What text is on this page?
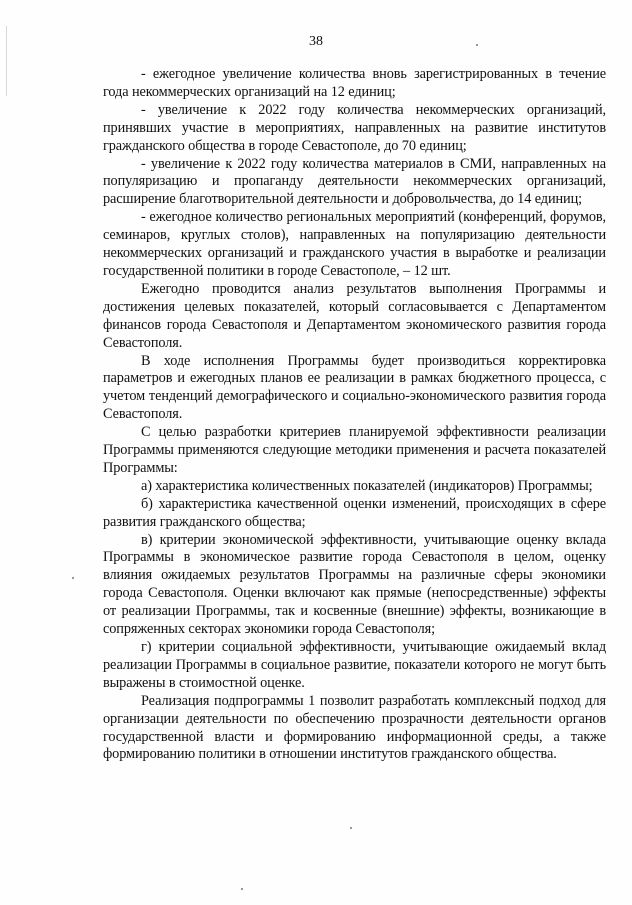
38

- ежегодное увеличение количества вновь зарегистрированных в течение года некоммерческих организаций на 12 единиц;

- увеличение к 2022 году количества некоммерческих организаций, принявших участие в мероприятиях, направленных на развитие институтов гражданского общества в городе Севастополе, до 70 единиц;

- увеличение к 2022 году количества материалов в СМИ, направленных на популяризацию и пропаганду деятельности некоммерческих организаций, расширение благотворительной деятельности и добровольчества, до 14 единиц;

- ежегодное количество региональных мероприятий (конференций, форумов, семинаров, круглых столов), направленных на популяризацию деятельности некоммерческих организаций и гражданского участия в выработке и реализации государственной политики в городе Севастополе, – 12 шт.

Ежегодно проводится анализ результатов выполнения Программы и достижения целевых показателей, который согласовывается с Департаментом финансов города Севастополя и Департаментом экономического развития города Севастополя.

В ходе исполнения Программы будет производиться корректировка параметров и ежегодных планов ее реализации в рамках бюджетного процесса, с учетом тенденций демографического и социально-экономического развития города Севастополя.

С целью разработки критериев планируемой эффективности реализации Программы применяются следующие методики применения и расчета показателей Программы:

а) характеристика количественных показателей (индикаторов) Программы;

б) характеристика качественной оценки изменений, происходящих в сфере развития гражданского общества;

в) критерии экономической эффективности, учитывающие оценку вклада Программы в экономическое развитие города Севастополя в целом, оценку влияния ожидаемых результатов Программы на различные сферы экономики города Севастополя. Оценки включают как прямые (непосредственные) эффекты от реализации Программы, так и косвенные (внешние) эффекты, возникающие в сопряженных секторах экономики города Севастополя;

г) критерии социальной эффективности, учитывающие ожидаемый вклад реализации Программы в социальное развитие, показатели которого не могут быть выражены в стоимостной оценке.

Реализация подпрограммы 1 позволит разработать комплексный подход для организации деятельности по обеспечению прозрачности деятельности органов государственной власти и формированию информационной среды, а также формированию политики в отношении институтов гражданского общества.
